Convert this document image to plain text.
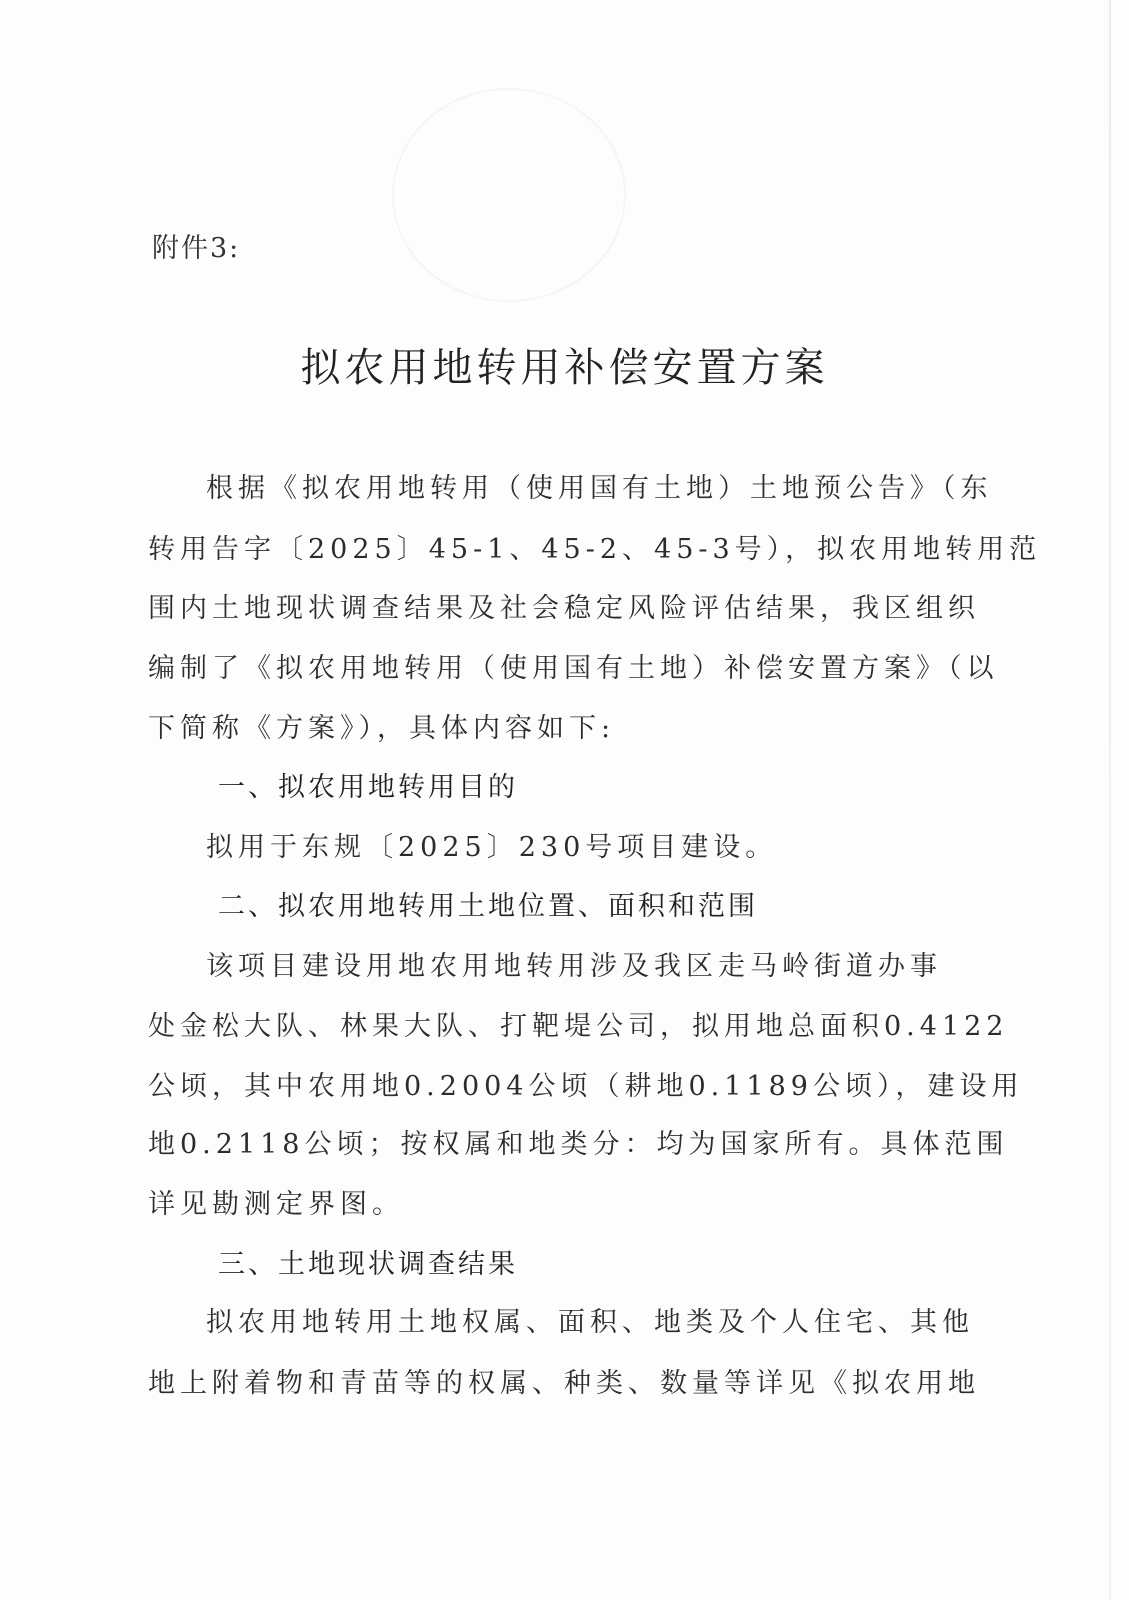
附件3:
拟农用地转用补偿安置方案
根据《拟农用地转用（使用国有土地）土地预公告》（东
转用告字〔2025〕45-1、45-2、45-3号），拟农用地转用范
围内土地现状调查结果及社会稳定风险评估结果，我区组织
编制了《拟农用地转用（使用国有土地）补偿安置方案》（以
下简称《方案》），具体内容如下:
一、拟农用地转用目的
拟用于东规〔2025〕230号项目建设。
二、拟农用地转用土地位置、面积和范围
该项目建设用地农用地转用涉及我区走马岭街道办事
处金松大队、林果大队、打靶堤公司，拟用地总面积0.4122
公顷，其中农用地0.2004公顷（耕地0.1189公顷），建设用
地0.2118公顷；按权属和地类分：均为国家所有。具体范围
详见勘测定界图。
三、土地现状调查结果
拟农用地转用土地权属、面积、地类及个人住宅、其他
地上附着物和青苗等的权属、种类、数量等详见《拟农用地
